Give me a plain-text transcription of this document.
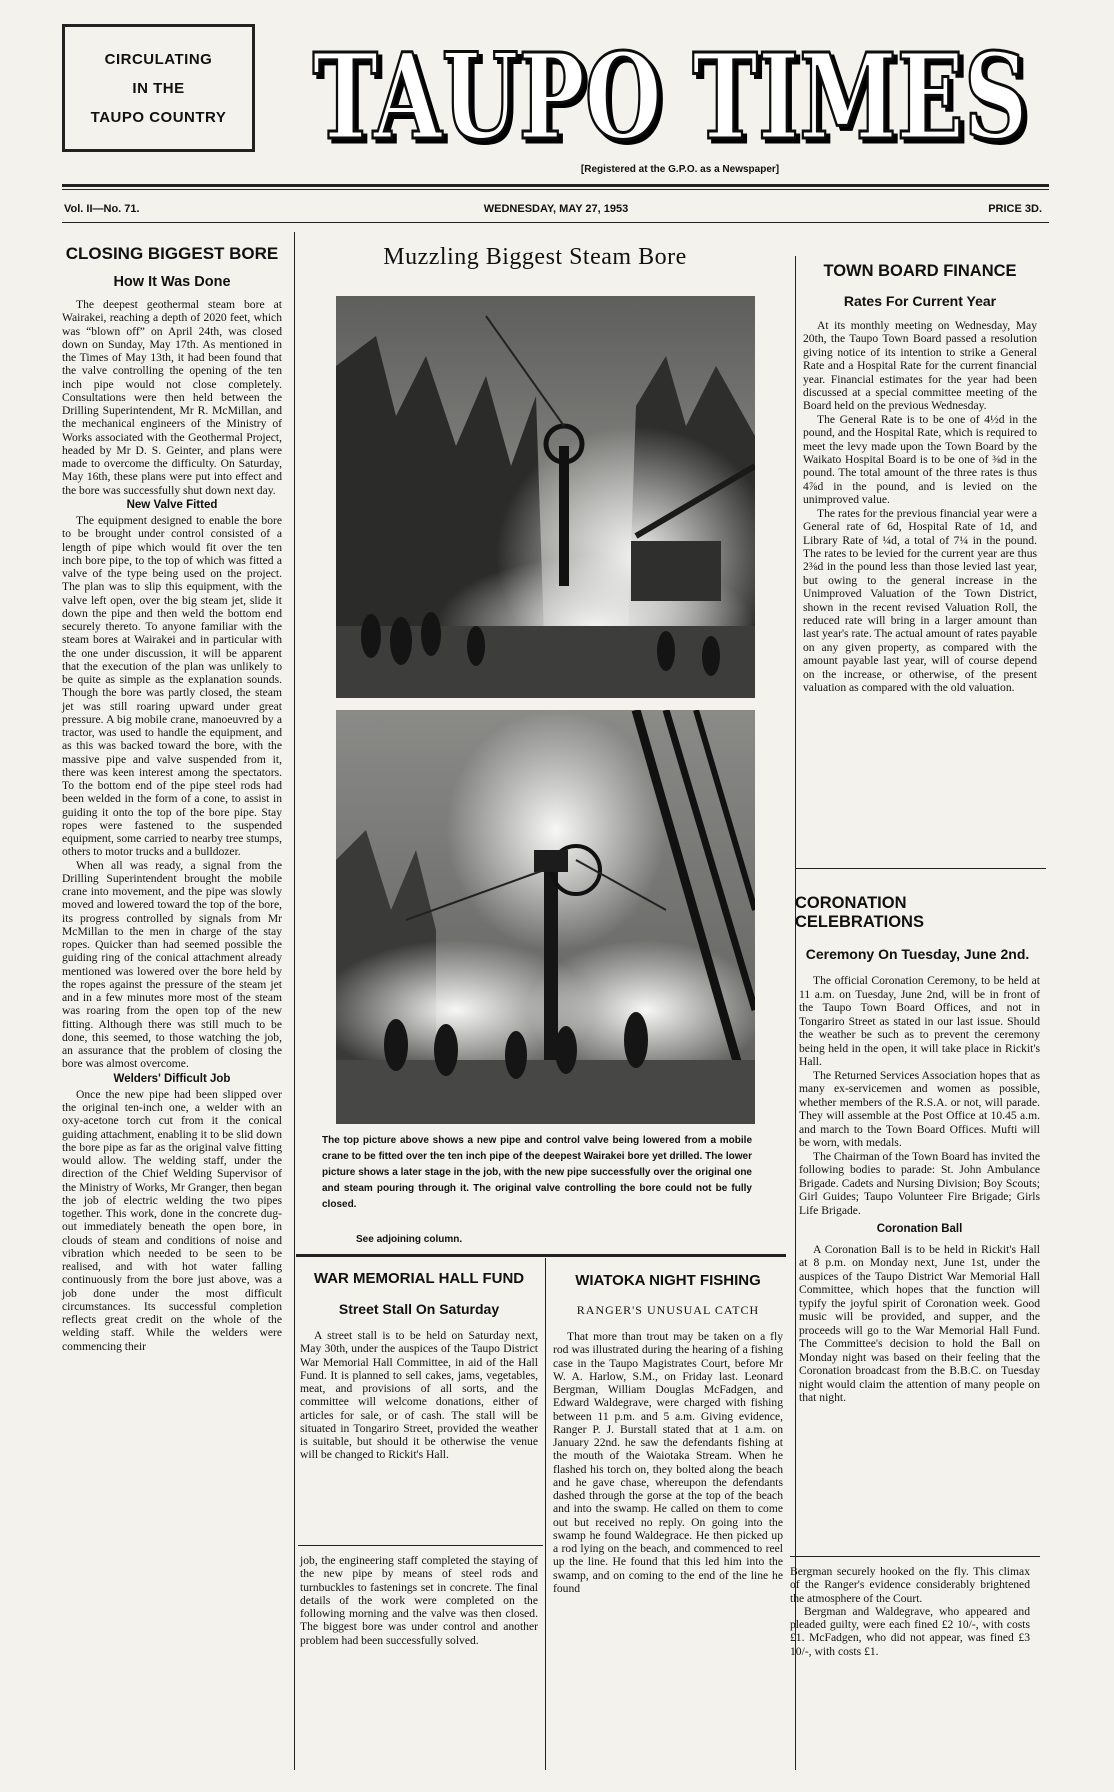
CIRCULATING
IN THE
TAUPO COUNTRY TAUPO TIMES
[Registered at the G.P.O. as a Newspaper]
Vol. II—No. 71.	WEDNESDAY, MAY 27, 1953	PRICE 3D.
CLOSING BIGGEST BORE
How It Was Done

The deepest geothermal steam bore at Wairakei, reaching a depth of 2020 feet, which was “blown off” on April 24th, was closed down on Sunday, May 17th. As mentioned in the Times of May 13th, it had been found that the valve controlling the opening of the ten inch pipe would not close completely. Consultations were then held between the Drilling Superintendent, Mr R. McMillan, and the mechanical engineers of the Ministry of Works associated with the Geothermal Project, headed by Mr D. S. Geinter, and plans were made to overcome the difficulty. On Saturday, May 16th, these plans were put into effect and the bore was successfully shut down next day.

New Valve Fitted

The equipment designed to enable the bore to be brought under control consisted of a length of pipe which would fit over the ten inch bore pipe, to the top of which was fitted a valve of the type being used on the project. The plan was to slip this equipment, with the valve left open, over the big steam jet, slide it down the pipe and then weld the bottom end securely thereto. To anyone familiar with the steam bores at Wairakei and in particular with the one under discussion, it will be apparent that the execution of the plan was unlikely to be quite as simple as the explanation sounds. Though the bore was partly closed, the steam jet was still roaring upward under great pressure. A big mobile crane, manoeuvred by a tractor, was used to handle the equipment, and as this was backed toward the bore, with the massive pipe and valve suspended from it, there was keen interest among the spectators. To the bottom end of the pipe steel rods had been welded in the form of a cone, to assist in guiding it onto the top of the bore pipe. Stay ropes were fastened to the suspended equipment, some carried to nearby tree stumps, others to motor trucks and a bulldozer.

When all was ready, a signal from the Drilling Superintendent brought the mobile crane into movement, and the pipe was slowly moved and lowered toward the top of the bore, its progress controlled by signals from Mr McMillan to the men in charge of the stay ropes. Quicker than had seemed possible the guiding ring of the conical attachment already mentioned was lowered over the bore held by the ropes against the pressure of the steam jet and in a few minutes more most of the steam was roaring from the open top of the new fitting. Although there was still much to be done, this seemed, to those watching the job, an assurance that the problem of closing the bore was almost overcome.

Welders' Difficult Job

Once the new pipe had been slipped over the original ten-inch one, a welder with an oxy-acetone torch cut from it the conical guiding attachment, enabling it to be slid down the bore pipe as far as the original valve fitting would allow. The welding staff, under the direction of the Chief Welding Supervisor of the Ministry of Works, Mr Granger, then began the job of electric welding the two pipes together. This work, done in the concrete dug-out immediately beneath the open bore, in clouds of steam and conditions of noise and vibration which needed to be seen to be realised, and with hot water falling continuously from the bore just above, was a job done under the most difficult circumstances. Its successful completion reflects great credit on the whole of the welding staff. While the welders were commencing their

Muzzling Biggest Steam Bore
The top picture above shows a new pipe and control valve being lowered from a mobile crane to be fitted over the ten inch pipe of the deepest Wairakei bore yet drilled. The lower picture shows a later stage in the job, with the new pipe successfully over the original one and steam pouring through it. The original valve controlling the bore could not be fully closed.
See adjoining column.
TOWN BOARD FINANCE
Rates For Current Year

At its monthly meeting on Wednesday, May 20th, the Taupo Town Board passed a resolution giving notice of its intention to strike a General Rate and a Hospital Rate for the current financial year. Financial estimates for the year had been discussed at a special committee meeting of the Board held on the previous Wednesday.

The General Rate is to be one of 4½d in the pound, and the Hospital Rate, which is required to meet the levy made upon the Town Board by the Waikato Hospital Board is to be one of ⅜d in the pound. The total amount of the three rates is thus 4⅞d in the pound, and is levied on the unimproved value.

The rates for the previous financial year were a General rate of 6d, Hospital Rate of 1d, and Library Rate of ¼d, a total of 7¼ in the pound. The rates to be levied for the current year are thus 2⅜d in the pound less than those levied last year, but owing to the general increase in the Unimproved Valuation of the Town District, shown in the recent revised Valuation Roll, the reduced rate will bring in a larger amount than last year's rate. The actual amount of rates payable on any given property, as compared with the amount payable last year, will of course depend on the increase, or otherwise, of the present valuation as compared with the old valuation.

CORONATION CELEBRATIONS
Ceremony On Tuesday, June 2nd.

The official Coronation Ceremony, to be held at 11 a.m. on Tuesday, June 2nd, will be in front of the Taupo Town Board Offices, and not in Tongariro Street as stated in our last issue. Should the weather be such as to prevent the ceremony being held in the open, it will take place in Rickit's Hall.

The Returned Services Association hopes that as many ex-servicemen and women as possible, whether members of the R.S.A. or not, will parade. They will assemble at the Post Office at 10.45 a.m. and march to the Town Board Offices. Mufti will be worn, with medals.

The Chairman of the Town Board has invited the following bodies to parade: St. John Ambulance Brigade. Cadets and Nursing Division; Boy Scouts; Girl Guides; Taupo Volunteer Fire Brigade; Girls Life Brigade.

Coronation Ball

A Coronation Ball is to be held in Rickit's Hall at 8 p.m. on Monday next, June 1st, under the auspices of the Taupo District War Memorial Hall Committee, which hopes that the function will typify the joyful spirit of Coronation week. Good music will be provided, and supper, and the proceeds will go to the War Memorial Hall Fund. The Committee's decision to hold the Ball on Monday night was based on their feeling that the Coronation broadcast from the B.B.C. on Tuesday night would claim the attention of many people on that night.

WAR MEMORIAL HALL FUND
Street Stall On Saturday

A street stall is to be held on Saturday next, May 30th, under the auspices of the Taupo District War Memorial Hall Committee, in aid of the Hall Fund. It is planned to sell cakes, jams, vegetables, meat, and provisions of all sorts, and the committee will welcome donations, either of articles for sale, or of cash. The stall will be situated in Tongariro Street, provided the weather is suitable, but should it be otherwise the venue will be changed to Rickit's Hall.

job, the engineering staff completed the staying of the new pipe by means of steel rods and turnbuckles to fastenings set in concrete. The final details of the work were completed on the following morning and the valve was then closed. The biggest bore was under control and another problem had been successfully solved.

WIATOKA NIGHT FISHING
RANGER'S UNUSUAL CATCH

That more than trout may be taken on a fly rod was illustrated during the hearing of a fishing case in the Taupo Magistrates Court, before Mr W. A. Harlow, S.M., on Friday last. Leonard Bergman, William Douglas McFadgen, and Edward Waldegrave, were charged with fishing between 11 p.m. and 5 a.m. Giving evidence, Ranger P. J. Burstall stated that at 1 a.m. on January 22nd. he saw the defendants fishing at the mouth of the Waiotaka Stream. When he flashed his torch on, they bolted along the beach and he gave chase, whereupon the defendants dashed through the gorse at the top of the beach and into the swamp. He called on them to come out but received no reply. On going into the swamp he found Waldegrace. He then picked up a rod lying on the beach, and commenced to reel up the line. He found that this led him into the swamp, and on coming to the end of the line he found

Bergman securely hooked on the fly. This climax of the Ranger's evidence considerably brightened the atmosphere of the Court.

Bergman and Waldegrave, who appeared and pleaded guilty, were each fined £2 10/-, with costs £1. McFadgen, who did not appear, was fined £3 10/-, with costs £1.
